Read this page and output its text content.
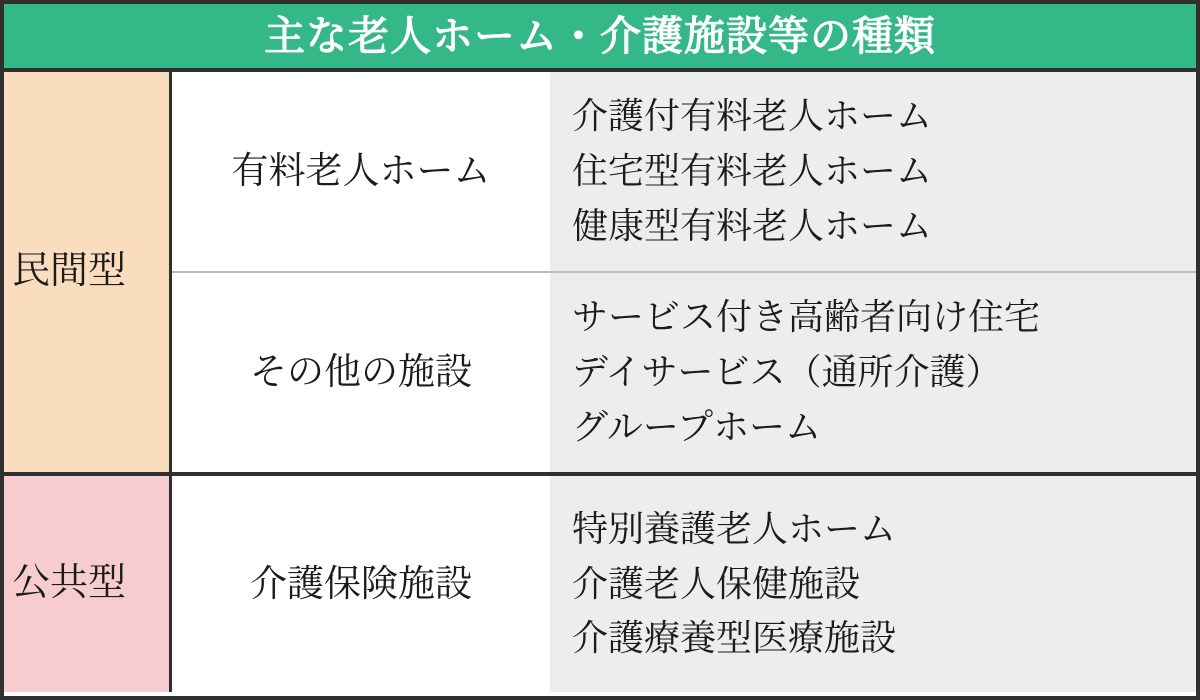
主な老人ホーム・介護施設等の種類
民間型
有料老人ホーム
介護付有料老人ホーム
住宅型有料老人ホーム
健康型有料老人ホーム
その他の施設
サービス付き高齢者向け住宅
デイサービス（通所介護）
グループホーム
公共型	介護保険施設
特別養護老人ホーム
介護老人保健施設
介護療養型医療施設
